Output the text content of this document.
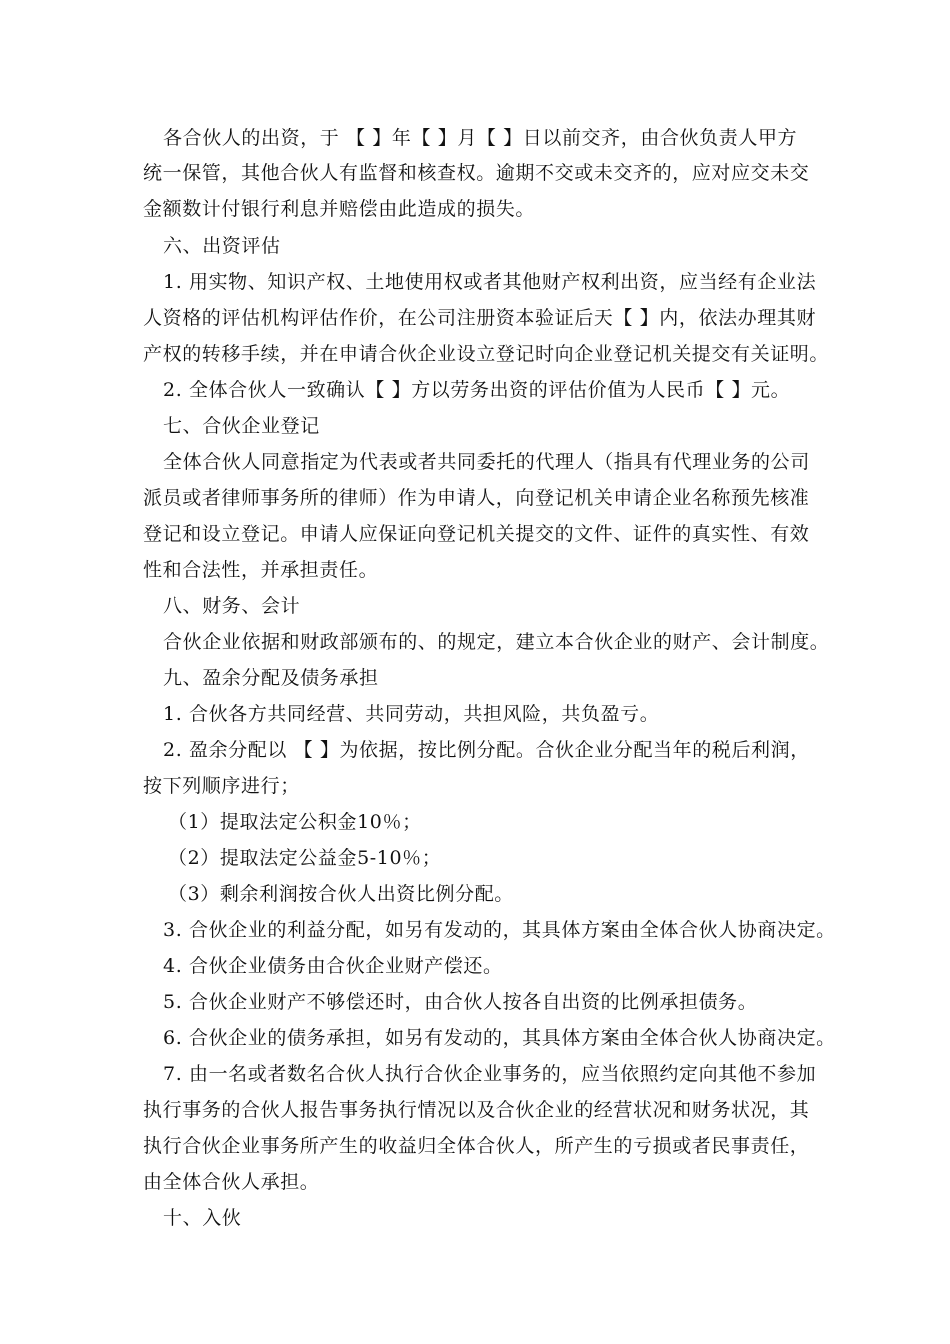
各合伙人的出资，于 【 】年【 】月【 】日以前交齐，由合伙负责人甲方
统一保管，其他合伙人有监督和核查权。逾期不交或未交齐的，应对应交未交
金额数计付银行利息并赔偿由此造成的损失。
六、出资评估
1. 用实物、知识产权、土地使用权或者其他财产权利出资，应当经有企业法
人资格的评估机构评估作价，在公司注册资本验证后天【 】内，依法办理其财
产权的转移手续，并在申请合伙企业设立登记时向企业登记机关提交有关证明。
2. 全体合伙人一致确认【 】方以劳务出资的评估价值为人民币【 】元。
七、合伙企业登记
全体合伙人同意指定为代表或者共同委托的代理人（指具有代理业务的公司
派员或者律师事务所的律师）作为申请人，向登记机关申请企业名称预先核准
登记和设立登记。申请人应保证向登记机关提交的文件、证件的真实性、有效
性和合法性，并承担责任。
八、财务、会计
合伙企业依据和财政部颁布的、的规定，建立本合伙企业的财产、会计制度。
九、盈余分配及债务承担
1. 合伙各方共同经营、共同劳动，共担风险，共负盈亏。
2. 盈余分配以 【 】为依据，按比例分配。合伙企业分配当年的税后利润，
按下列顺序进行；
（1）提取法定公积金10％；
（2）提取法定公益金5-10％；
（3）剩余利润按合伙人出资比例分配。
3. 合伙企业的利益分配，如另有发动的，其具体方案由全体合伙人协商决定。
4. 合伙企业债务由合伙企业财产偿还。
5. 合伙企业财产不够偿还时，由合伙人按各自出资的比例承担债务。
6. 合伙企业的债务承担，如另有发动的，其具体方案由全体合伙人协商决定。
7. 由一名或者数名合伙人执行合伙企业事务的，应当依照约定向其他不参加
执行事务的合伙人报告事务执行情况以及合伙企业的经营状况和财务状况，其
执行合伙企业事务所产生的收益归全体合伙人，所产生的亏损或者民事责任，
由全体合伙人承担。
十、入伙
